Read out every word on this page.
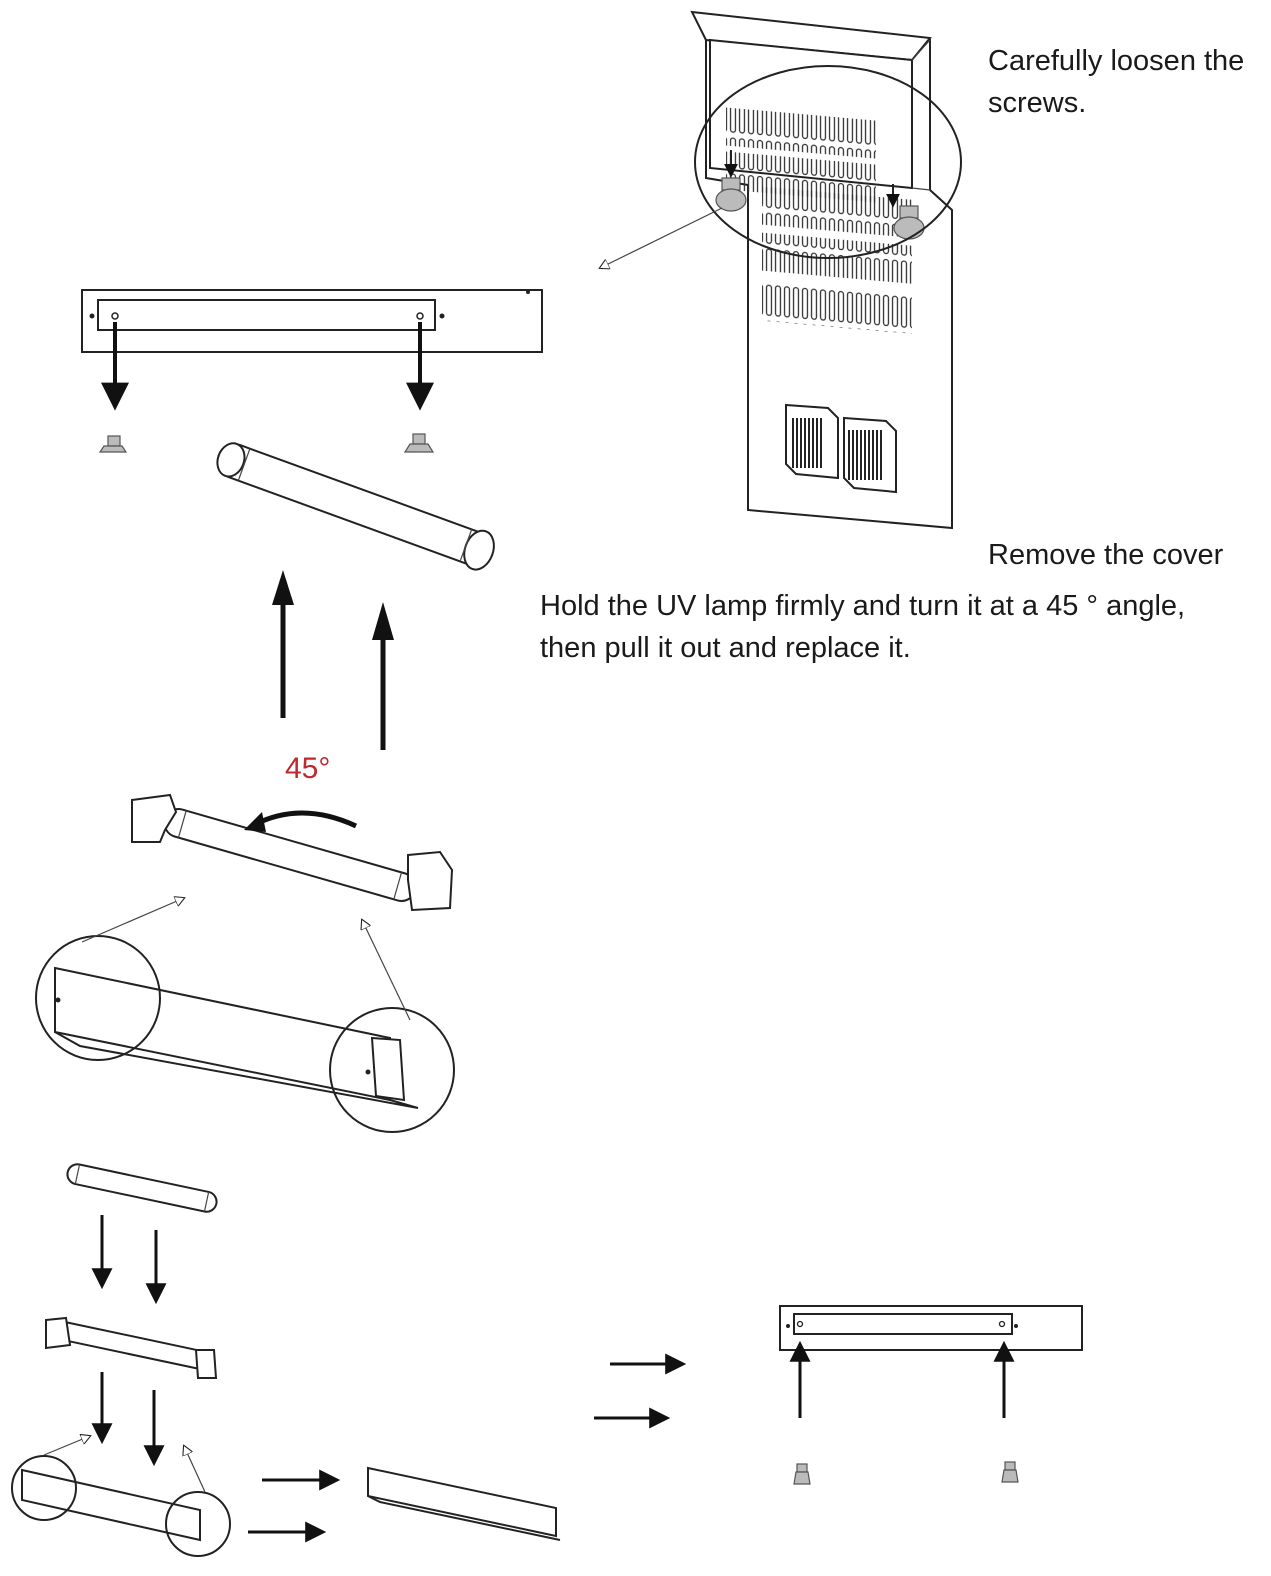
Carefully loosen the
screws.

Remove the cover

Hold the UV lamp firmly and turn it at a 45 ° angle,
then pull it out and replace it.

45°
